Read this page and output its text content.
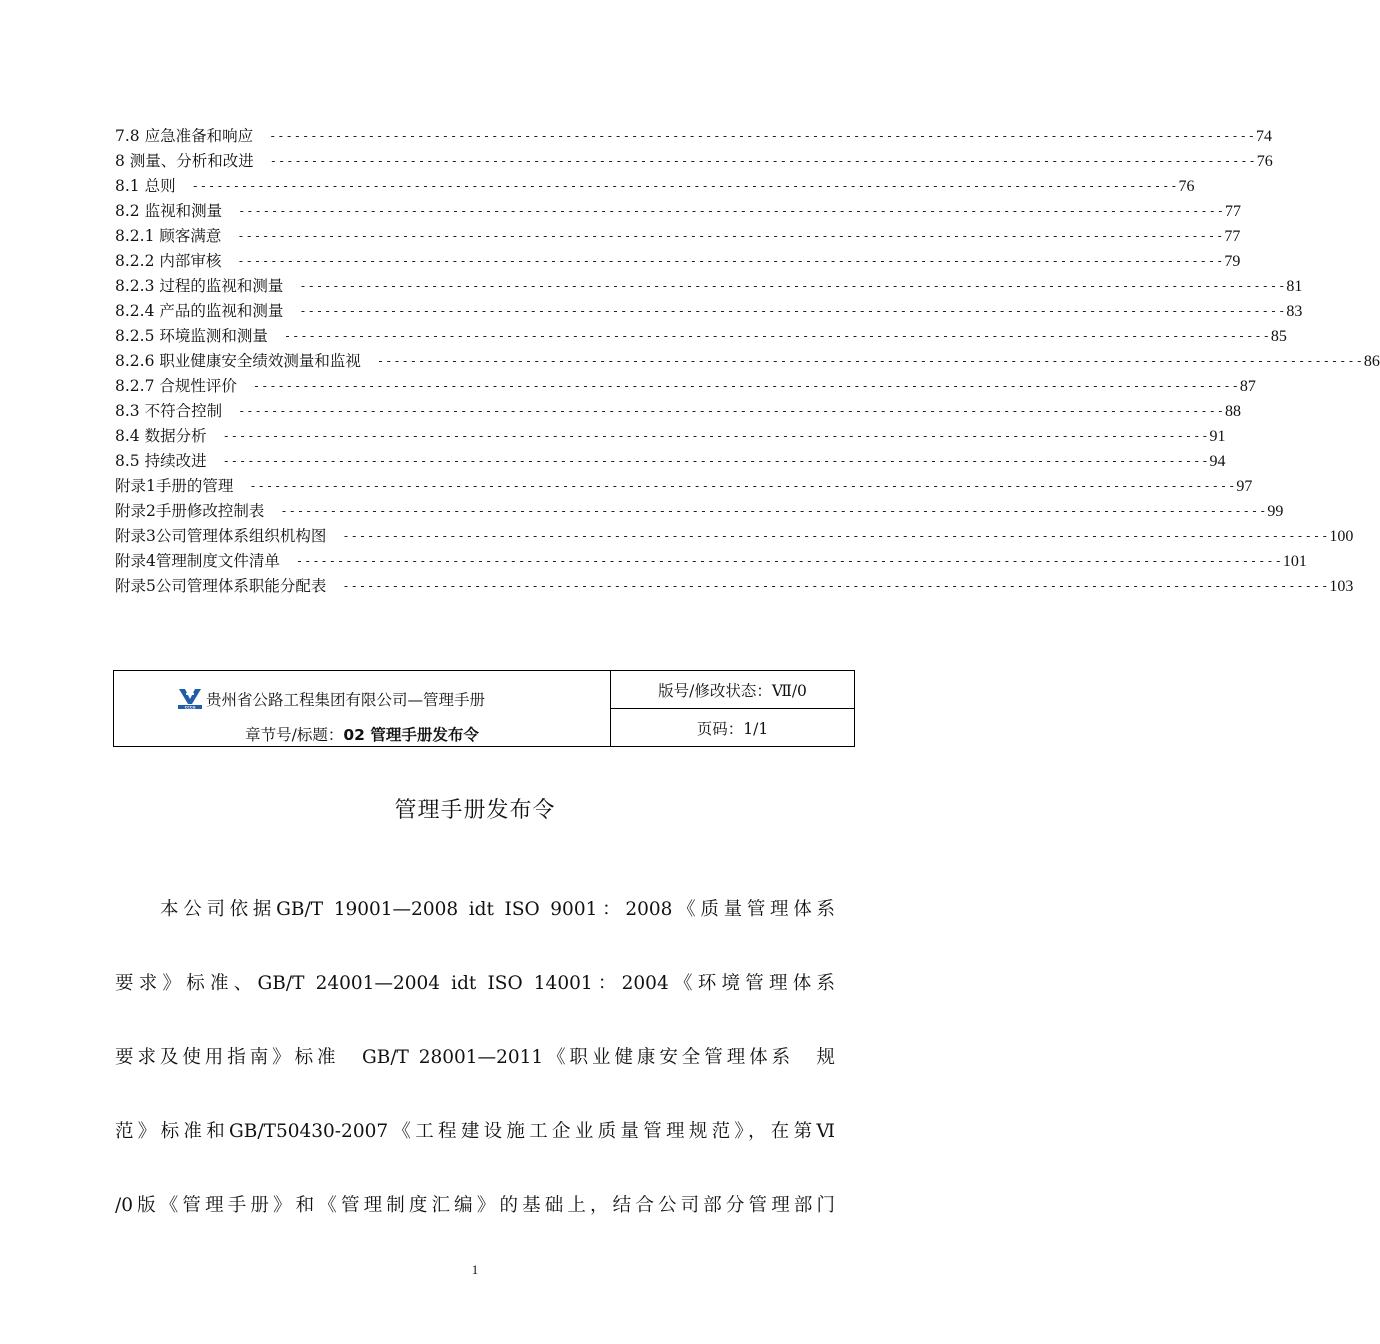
7.8 应急准备和响应 ------------------------------------------------------------------------------------------------------------------------ 74
8 测量、分析和改进 ------------------------------------------------------------------------------------------------------------------------ 76
8.1 总则 ------------------------------------------------------------------------------------------------------------------------ 76
8.2 监视和测量 ------------------------------------------------------------------------------------------------------------------------ 77
8.2.1 顾客满意 ------------------------------------------------------------------------------------------------------------------------ 77
8.2.2 内部审核 ------------------------------------------------------------------------------------------------------------------------ 79
8.2.3 过程的监视和测量 ------------------------------------------------------------------------------------------------------------------------ 81
8.2.4 产品的监视和测量 ------------------------------------------------------------------------------------------------------------------------ 83
8.2.5 环境监测和测量 ------------------------------------------------------------------------------------------------------------------------ 85
8.2.6 职业健康安全绩效测量和监视 ------------------------------------------------------------------------------------------------------------------------ 86
8.2.7 合规性评价 ------------------------------------------------------------------------------------------------------------------------ 87
8.3 不符合控制 ------------------------------------------------------------------------------------------------------------------------ 88
8.4 数据分析 ------------------------------------------------------------------------------------------------------------------------ 91
8.5 持续改进 ------------------------------------------------------------------------------------------------------------------------ 94
附录1手册的管理 ------------------------------------------------------------------------------------------------------------------------ 97
附录2手册修改控制表 ------------------------------------------------------------------------------------------------------------------------ 99
附录3公司管理体系组织机构图 ------------------------------------------------------------------------------------------------------------------------ 100
附录4管理制度文件清单 ------------------------------------------------------------------------------------------------------------------------ 101
附录5公司管理体系职能分配表 ------------------------------------------------------------------------------------------------------------------------ 103
CCCG 贵州省公路工程集团有限公司—管理手册
章节号/标题：02 管理手册发布令
版号/修改状态：Ⅶ/0
页码：1/1
管理手册发布令
本公司依据GB/T 19001—2008 idt ISO 9001：2008《质量管理体系
要求》标准、GB/T 24001—2004 idt ISO 14001：2004《环境管理体系
要求及使用指南》标准　GB/T 28001—2011《职业健康安全管理体系　规
范》标准和GB/T50430-2007《工程建设施工企业质量管理规范》，在第Ⅵ
/0版《管理手册》和《管理制度汇编》的基础上，结合公司部分管理部门
1
